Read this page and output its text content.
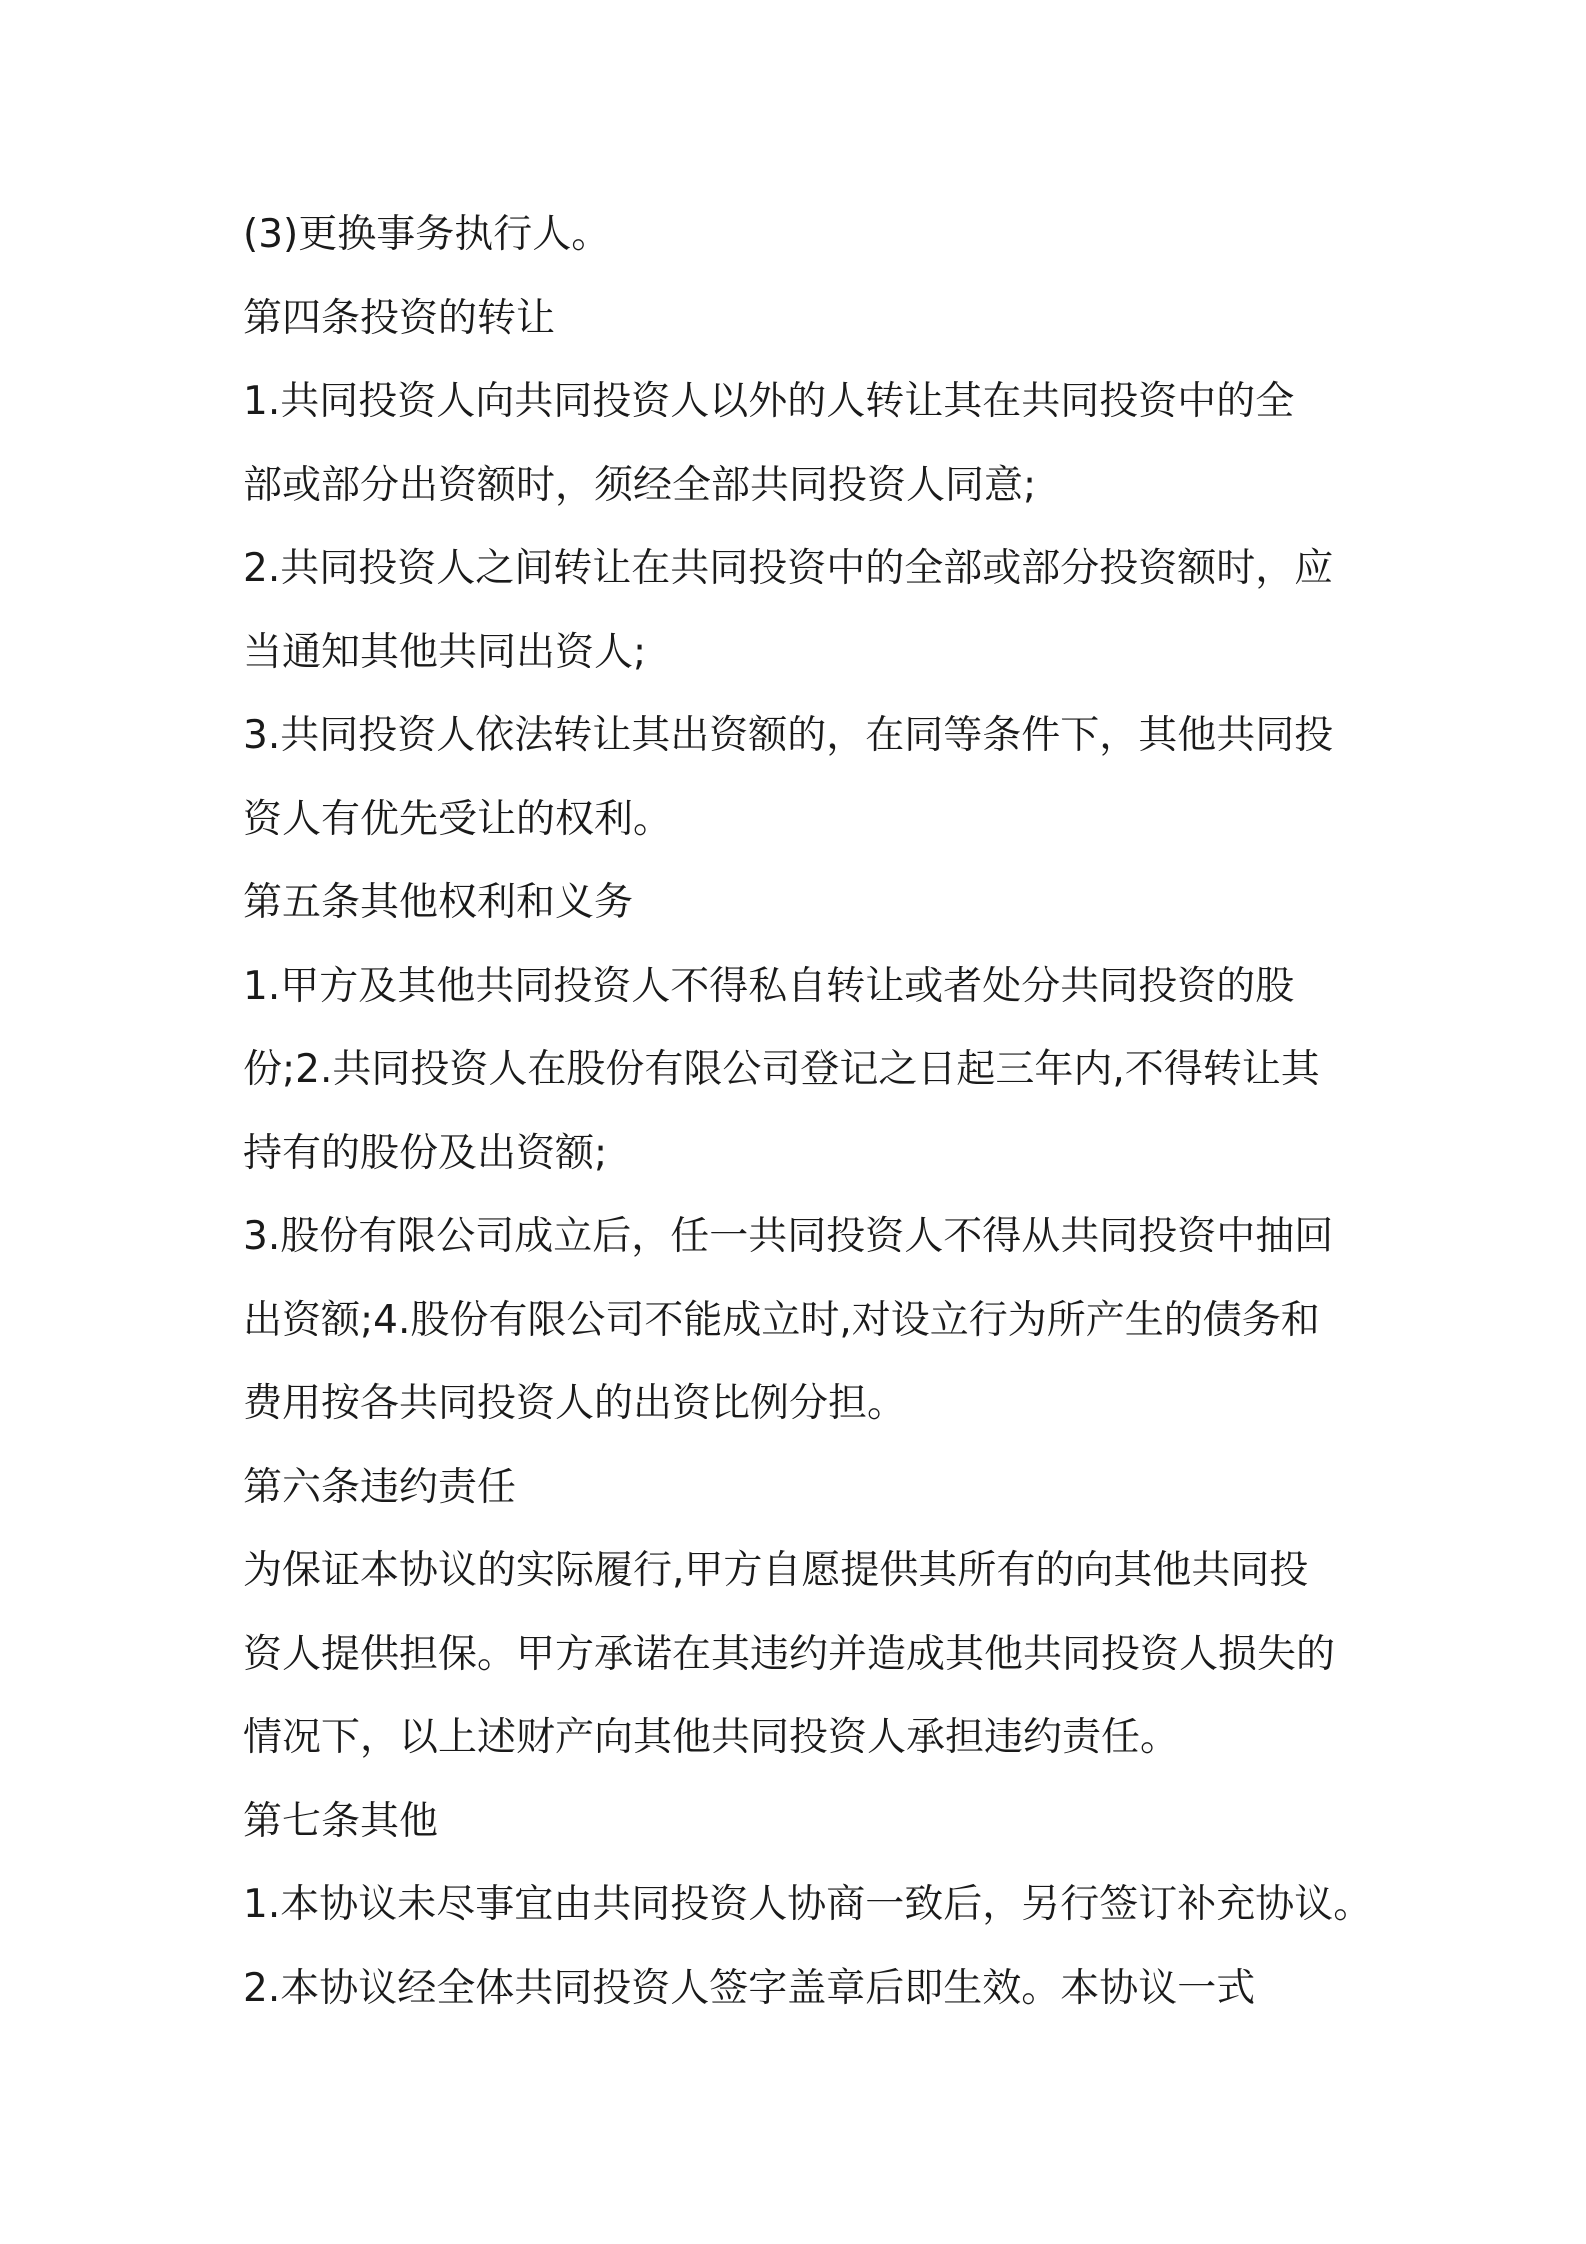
(3)更换事务执行人。
第四条投资的转让
1.共同投资人向共同投资人以外的人转让其在共同投资中的全
部或部分出资额时，须经全部共同投资人同意;
2.共同投资人之间转让在共同投资中的全部或部分投资额时，应
当通知其他共同出资人;
3.共同投资人依法转让其出资额的，在同等条件下，其他共同投
资人有优先受让的权利。
第五条其他权利和义务
1.甲方及其他共同投资人不得私自转让或者处分共同投资的股
份;2.共同投资人在股份有限公司登记之日起三年内,不得转让其
持有的股份及出资额;
3.股份有限公司成立后，任一共同投资人不得从共同投资中抽回
出资额;4.股份有限公司不能成立时,对设立行为所产生的债务和
费用按各共同投资人的出资比例分担。
第六条违约责任
为保证本协议的实际履行,甲方自愿提供其所有的向其他共同投
资人提供担保。甲方承诺在其违约并造成其他共同投资人损失的
情况下，以上述财产向其他共同投资人承担违约责任。
第七条其他
1.本协议未尽事宜由共同投资人协商一致后，另行签订补充协议。
2.本协议经全体共同投资人签字盖章后即生效。本协议一式
